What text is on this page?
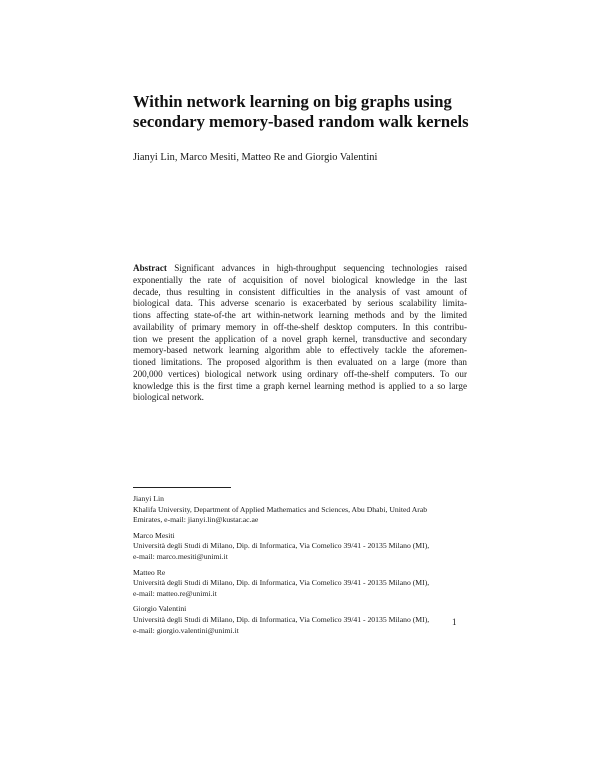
Within network learning on big graphs using
secondary memory-based random walk kernels
Jianyi Lin, Marco Mesiti, Matteo Re and Giorgio Valentini

Abstract Significant advances in high-throughput sequencing technologies raised
exponentially the rate of acquisition of novel biological knowledge in the last
decade, thus resulting in consistent difficulties in the analysis of vast amount of
biological data. This adverse scenario is exacerbated by serious scalability limita-
tions affecting state-of-the art within-network learning methods and by the limited
availability of primary memory in off-the-shelf desktop computers. In this contribu-
tion we present the application of a novel graph kernel, transductive and secondary
memory-based network learning algorithm able to effectively tackle the aforemen-
tioned limitations. The proposed algorithm is then evaluated on a large (more than
200,000 vertices) biological network using ordinary off-the-shelf computers. To our
knowledge this is the first time a graph kernel learning method is applied to a so large
biological network.

Jianyi Lin
Khalifa University, Department of Applied Mathematics and Sciences, Abu Dhabi, United Arab
Emirates, e-mail: jianyi.lin@kustar.ac.ae
Marco Mesiti
Università degli Studi di Milano, Dip. di Informatica, Via Comelico 39/41 - 20135 Milano (MI),
e-mail: marco.mesiti@unimi.it
Matteo Re
Università degli Studi di Milano, Dip. di Informatica, Via Comelico 39/41 - 20135 Milano (MI),
e-mail: matteo.re@unimi.it
Giorgio Valentini
Università degli Studi di Milano, Dip. di Informatica, Via Comelico 39/41 - 20135 Milano (MI),
e-mail: giorgio.valentini@unimi.it
1
